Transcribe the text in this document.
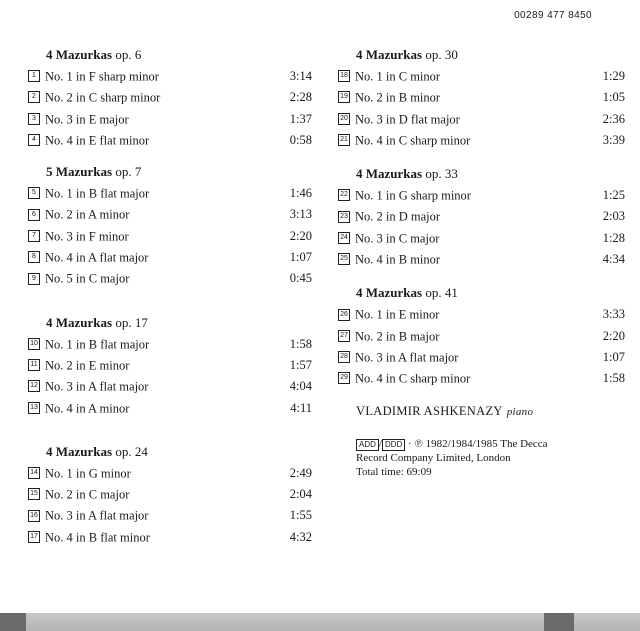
00289 477 8450
4 Mazurkas op. 6
1 No. 1 in F sharp minor	3:14
2 No. 2 in C sharp minor	2:28
3 No. 3 in E major	1:37
4 No. 4 in E flat minor	0:58
5 Mazurkas op. 7
5 No. 1 in B flat major	1:46
6 No. 2 in A minor	3:13
7 No. 3 in F minor	2:20
8 No. 4 in A flat major	1:07
9 No. 5 in C major	0:45
4 Mazurkas op. 17
10 No. 1 in B flat major	1:58
11 No. 2 in E minor	1:57
12 No. 3 in A flat major	4:04
13 No. 4 in A minor	4:11
4 Mazurkas op. 24
14 No. 1 in G minor	2:49
15 No. 2 in C major	2:04
16 No. 3 in A flat major	1:55
17 No. 4 in B flat minor	4:32
4 Mazurkas op. 30
18 No. 1 in C minor	1:29
19 No. 2 in B minor	1:05
20 No. 3 in D flat major	2:36
21 No. 4 in C sharp minor	3:39
4 Mazurkas op. 33
22 No. 1 in G sharp minor	1:25
23 No. 2 in D major	2:03
24 No. 3 in C major	1:28
25 No. 4 in B minor	4:34
4 Mazurkas op. 41
26 No. 1 in E minor	3:33
27 No. 2 in B major	2:20
28 No. 3 in A flat major	1:07
29 No. 4 in C sharp minor	1:58
VLADIMIR ASHKENAZY piano
ADD / DDD · ℗ 1982/1984/1985 The Decca
Record Company Limited, London
Total time: 69:09
